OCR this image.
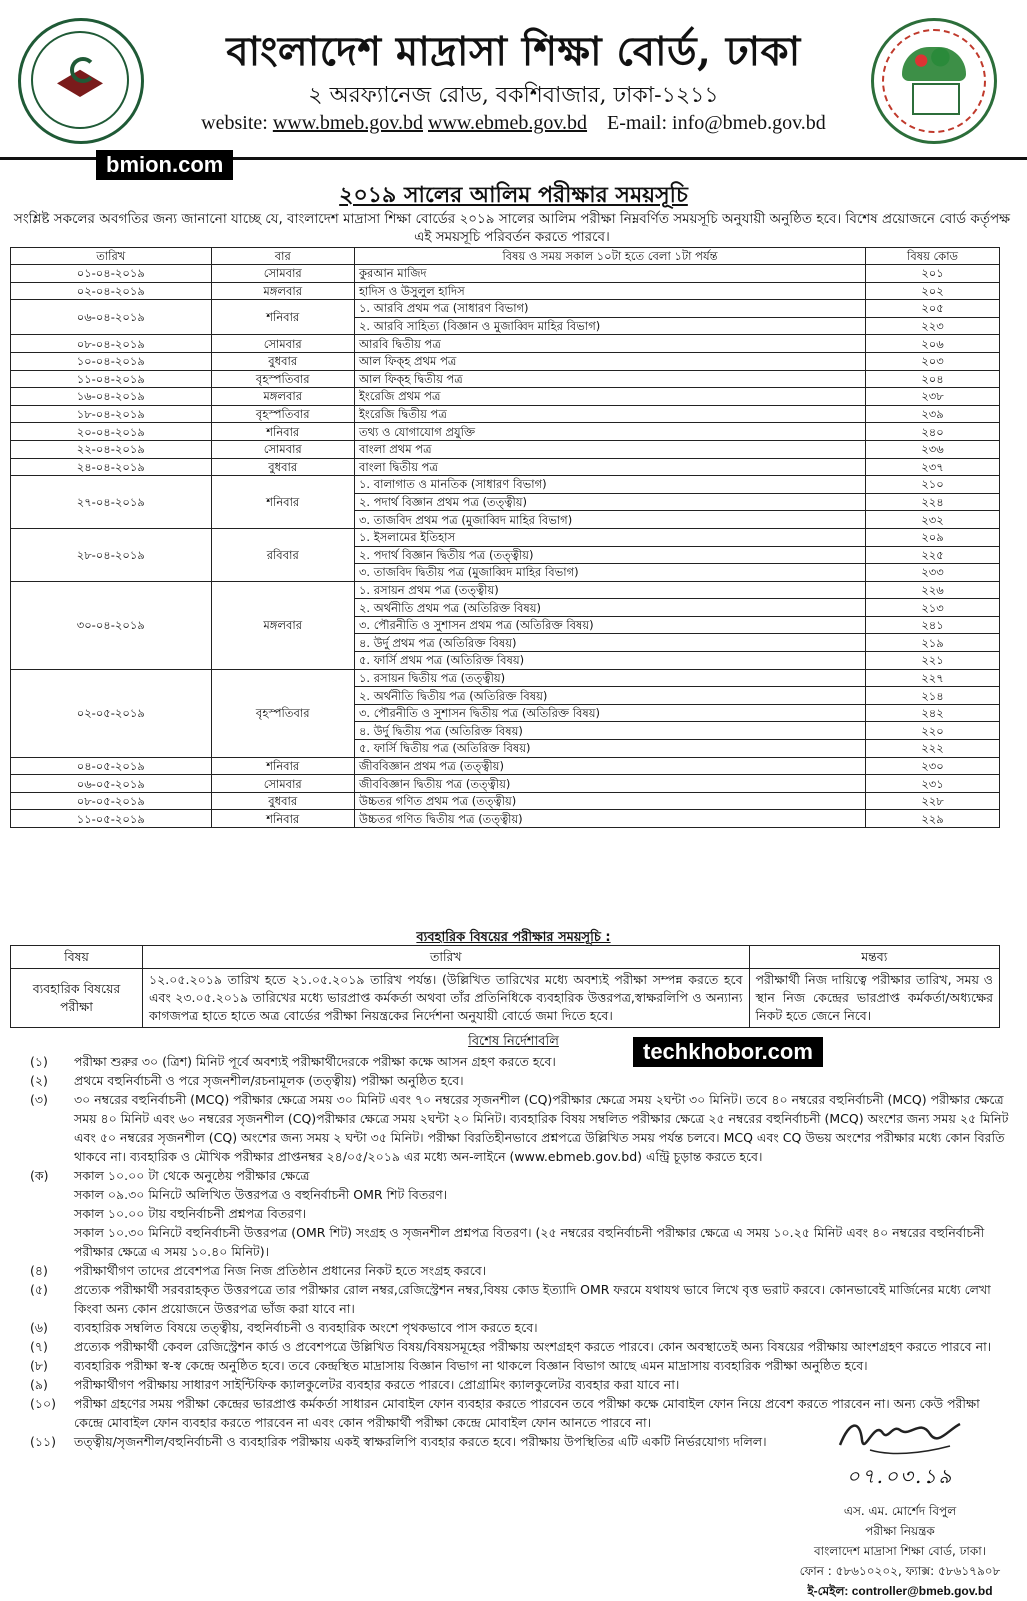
বাংলাদেশ মাদ্রাসা শিক্ষা বোর্ড, ঢাকা
২ অরফ্যানেজ রোড, বকশিবাজার, ঢাকা-১২১১
website: www.bmeb.gov.bd www.ebmeb.gov.bd E-mail: info@bmeb.gov.bd
bmion.com
২০১৯ সালের আলিম পরীক্ষার সময়সূচি
সংশ্লিষ্ট সকলের অবগতির জন্য জানানো যাচ্ছে যে, বাংলাদেশ মাদ্রাসা শিক্ষা বোর্ডের ২০১৯ সালের আলিম পরীক্ষা নিম্নবর্ণিত সময়সূচি অনুযায়ী অনুষ্ঠিত হবে। বিশেষ প্রয়োজনে বোর্ড কর্তৃপক্ষ এই সময়সূচি পরিবর্তন করতে পারবে।
তারিখ	বার	বিষয় ও সময় সকাল ১০টা হতে বেলা ১টা পর্যন্ত	বিষয় কোড
০১-০৪-২০১৯	সোমবার	কুরআন মাজিদ	২০১
০২-০৪-২০১৯	মঙ্গলবার	হাদিস ও উসুলুল হাদিস	২০২
০৬-০৪-২০১৯	শনিবার	১. আরবি প্রথম পত্র (সাধারণ বিভাগ)	২০৫
		২. আরবি সাহিত্য (বিজ্ঞান ও মুজাব্বিদ মাহির বিভাগ)	২২৩
০৮-০৪-২০১৯	সোমবার	আরবি দ্বিতীয় পত্র	২০৬
১০-০৪-২০১৯	বুধবার	আল ফিক্‌হ প্রথম পত্র	২০৩
১১-০৪-২০১৯	বৃহস্পতিবার	আল ফিক্‌হ দ্বিতীয় পত্র	২০৪
১৬-০৪-২০১৯	মঙ্গলবার	ইংরেজি প্রথম পত্র	২৩৮
১৮-০৪-২০১৯	বৃহস্পতিবার	ইংরেজি দ্বিতীয় পত্র	২৩৯
২০-০৪-২০১৯	শনিবার	তথ্য ও যোগাযোগ প্রযুক্তি	২৪০
২২-০৪-২০১৯	সোমবার	বাংলা প্রথম পত্র	২৩৬
২৪-০৪-২০১৯	বুধবার	বাংলা দ্বিতীয় পত্র	২৩৭
২৭-০৪-২০১৯	শনিবার	১. বালাগাত ও মানতিক (সাধারণ বিভাগ)	২১০
		২. পদার্থ বিজ্ঞান প্রথম পত্র (তত্ত্বীয়)	২২৪
		৩. তাজবিদ প্রথম পত্র (মুজাব্বিদ মাহির বিভাগ)	২৩২
২৮-০৪-২০১৯	রবিবার	১. ইসলামের ইতিহাস	২০৯
		২. পদার্থ বিজ্ঞান দ্বিতীয় পত্র (তত্ত্বীয়)	২২৫
		৩. তাজবিদ দ্বিতীয় পত্র (মুজাব্বিদ মাহির বিভাগ)	২৩৩
৩০-০৪-২০১৯	মঙ্গলবার	১. রসায়ন প্রথম পত্র (তত্ত্বীয়)	২২৬
		২. অর্থনীতি প্রথম পত্র (অতিরিক্ত বিষয়)	২১৩
		৩. পৌরনীতি ও সুশাসন প্রথম পত্র (অতিরিক্ত বিষয়)	২৪১
		৪. উর্দু প্রথম পত্র (অতিরিক্ত বিষয়)	২১৯
		৫. ফার্সি প্রথম পত্র (অতিরিক্ত বিষয়)	২২১
০২-০৫-২০১৯	বৃহস্পতিবার	১. রসায়ন দ্বিতীয় পত্র (তত্ত্বীয়)	২২৭
		২. অর্থনীতি দ্বিতীয় পত্র (অতিরিক্ত বিষয়)	২১৪
		৩. পৌরনীতি ও সুশাসন দ্বিতীয় পত্র (অতিরিক্ত বিষয়)	২৪২
		৪. উর্দু দ্বিতীয় পত্র (অতিরিক্ত বিষয়)	২২০
		৫. ফার্সি দ্বিতীয় পত্র (অতিরিক্ত বিষয়)	২২২
০৪-০৫-২০১৯	শনিবার	জীববিজ্ঞান প্রথম পত্র (তত্ত্বীয়)	২৩০
০৬-০৫-২০১৯	সোমবার	জীববিজ্ঞান দ্বিতীয় পত্র (তত্ত্বীয়)	২৩১
০৮-০৫-২০১৯	বুধবার	উচ্চতর গণিত প্রথম পত্র (তত্ত্বীয়)	২২৮
১১-০৫-২০১৯	শনিবার	উচ্চতর গণিত দ্বিতীয় পত্র (তত্ত্বীয়)	২২৯
ব্যবহারিক বিষয়ের পরীক্ষার সময়সূচি :
বিষয়	তারিখ	মন্তব্য
ব্যবহারিক বিষয়ের পরীক্ষা	১২.০৫.২০১৯ তারিখ হতে ২১.০৫.২০১৯ তারিখ পর্যন্ত। (উল্লিখিত তারিখের মধ্যে অবশ্যই পরীক্ষা সম্পন্ন করতে হবে এবং ২৩.০৫.২০১৯ তারিখের মধ্যে ভারপ্রাপ্ত কর্মকর্তা অথবা তাঁর প্রতিনিধিকে ব্যবহারিক উত্তরপত্র,স্বাক্ষরলিপি ও অন্যান্য কাগজপত্র হাতে হাতে অত্র বোর্ডের পরীক্ষা নিয়ন্ত্রকের নির্দেশনা অনুযায়ী বোর্ডে জমা দিতে হবে।	পরীক্ষার্থী নিজ দায়িত্বে পরীক্ষার তারিখ, সময় ও স্থান নিজ কেন্দ্রের ভারপ্রাপ্ত কর্মকর্তা/অধ্যক্ষের নিকট হতে জেনে নিবে।
techkhobor.com
বিশেষ নির্দেশাবলি
(১)	পরীক্ষা শুরুর ৩০ (ত্রিশ) মিনিট পূর্বে অবশ্যই পরীক্ষার্থীদেরকে পরীক্ষা কক্ষে আসন গ্রহণ করতে হবে।
(২)	প্রথমে বহুনির্বাচনী ও পরে সৃজনশীল/রচনামূলক (তত্ত্বীয়) পরীক্ষা অনুষ্ঠিত হবে।
(৩)	৩০ নম্বরের বহুনির্বাচনী (MCQ) পরীক্ষার ক্ষেত্রে সময় ৩০ মিনিট এবং ৭০ নম্বরের সৃজনশীল (CQ)পরীক্ষার ক্ষেত্রে সময় ২ঘন্টা ৩০ মিনিট। তবে ৪০ নম্বরের বহুনির্বাচনী (MCQ) পরীক্ষার ক্ষেত্রে সময় ৪০ মিনিট এবং ৬০ নম্বরের সৃজনশীল (CQ)পরীক্ষার ক্ষেত্রে সময় ২ঘন্টা ২০ মিনিট। ব্যবহারিক বিষয় সম্বলিত পরীক্ষার ক্ষেত্রে ২৫ নম্বরের বহুনির্বাচনী (MCQ) অংশের জন্য সময় ২৫ মিনিট এবং ৫০ নম্বরের সৃজনশীল (CQ) অংশের জন্য সময় ২ ঘন্টা ৩৫ মিনিট। পরীক্ষা বিরতিহীনভাবে প্রশ্নপত্রে উল্লিখিত সময় পর্যন্ত চলবে। MCQ এবং CQ উভয় অংশের পরীক্ষার মধ্যে কোন বিরতি থাকবে না। ব্যবহারিক ও মৌখিক পরীক্ষার প্রাপ্তনম্বর ২৪/০৫/২০১৯ এর মধ্যে অন-লাইনে (www.ebmeb.gov.bd) এন্ট্রি চূড়ান্ত করতে হবে।
(ক)	সকাল ১০.০০ টা থেকে অনুষ্ঠেয় পরীক্ষার ক্ষেত্রে
সকাল ০৯.৩০ মিনিটে অলিখিত উত্তরপত্র ও বহুনির্বাচনী OMR শিট বিতরণ।
সকাল ১০.০০ টায় বহুনির্বাচনী প্রশ্নপত্র বিতরণ।
সকাল ১০.৩০ মিনিটে বহুনির্বাচনী উত্তরপত্র (OMR শিট) সংগ্রহ ও সৃজনশীল প্রশ্নপত্র বিতরণ। (২৫ নম্বরের বহুনির্বাচনী পরীক্ষার ক্ষেত্রে এ সময় ১০.২৫ মিনিট এবং ৪০ নম্বরের বহুনির্বাচনী পরীক্ষার ক্ষেত্রে এ সময় ১০.৪০ মিনিট)।
(৪)	পরীক্ষার্থীগণ তাদের প্রবেশপত্র নিজ নিজ প্রতিষ্ঠান প্রধানের নিকট হতে সংগ্রহ করবে।
(৫)	প্রত্যেক পরীক্ষার্থী সরবরাহকৃত উত্তরপত্রে তার পরীক্ষার রোল নম্বর,রেজিস্ট্রেশন নম্বর,বিষয় কোড ইত্যাদি OMR ফরমে যথাযথ ভাবে লিখে বৃত্ত ভরাট করবে। কোনভাবেই মার্জিনের মধ্যে লেখা কিংবা অন্য কোন প্রয়োজনে উত্তরপত্র ভাঁজ করা যাবে না।
(৬)	ব্যবহারিক সম্বলিত বিষয়ে তত্ত্বীয়, বহুনির্বাচনী ও ব্যবহারিক অংশে পৃথকভাবে পাস করতে হবে।
(৭)	প্রত্যেক পরীক্ষার্থী কেবল রেজিস্ট্রেশন কার্ড ও প্রবেশপত্রে উল্লিখিত বিষয়/বিষয়সমূহের পরীক্ষায় অংশগ্রহণ করতে পারবে। কোন অবস্থাতেই অন্য বিষয়ের পরীক্ষায় আংশগ্রহণ করতে পারবে না।
(৮)	ব্যবহারিক পরীক্ষা স্ব-স্ব কেন্দ্রে অনুষ্ঠিত হবে। তবে কেন্দ্রস্থিত মাদ্রাসায় বিজ্ঞান বিভাগ না থাকলে বিজ্ঞান বিভাগ আছে এমন মাদ্রাসায় ব্যবহারিক পরীক্ষা অনুষ্ঠিত হবে।
(৯)	পরীক্ষার্থীগণ পরীক্ষায় সাধারণ সাইন্টিফিক ক্যালকুলেটর ব্যবহার করতে পারবে। প্রোগ্রামিং ক্যালকুলেটর ব্যবহার করা যাবে না।
(১০)	পরীক্ষা গ্রহণের সময় পরীক্ষা কেন্দ্রের ভারপ্রাপ্ত কর্মকর্তা সাধারন মোবাইল ফোন ব্যবহার করতে পারবেন তবে পরীক্ষা কক্ষে মোবাইল ফোন নিয়ে প্রবেশ করতে পারবেন না। অন্য কেউ পরীক্ষা কেন্দ্রে মোবাইল ফোন ব্যবহার করতে পারবেন না এবং কোন পরীক্ষার্থী পরীক্ষা কেন্দ্রে মোবাইল ফোন আনতে পারবে না।
(১১)	তত্ত্বীয়/সৃজনশীল/বহুনির্বাচনী ও ব্যবহারিক পরীক্ষায় একই স্বাক্ষরলিপি ব্যবহার করতে হবে। পরীক্ষায় উপস্থিতির এটি একটি নির্ভরযোগ্য দলিল।
০৭.০৩.১৯
এস. এম. মোর্শেদ বিপুল
পরীক্ষা নিয়ন্ত্রক
বাংলাদেশ মাদ্রাসা শিক্ষা বোর্ড, ঢাকা।
ফোন : ৫৮৬১০২০২, ফ্যাক্স: ৫৮৬১৭৯০৮
ই-মেইল: controller@bmeb.gov.bd
